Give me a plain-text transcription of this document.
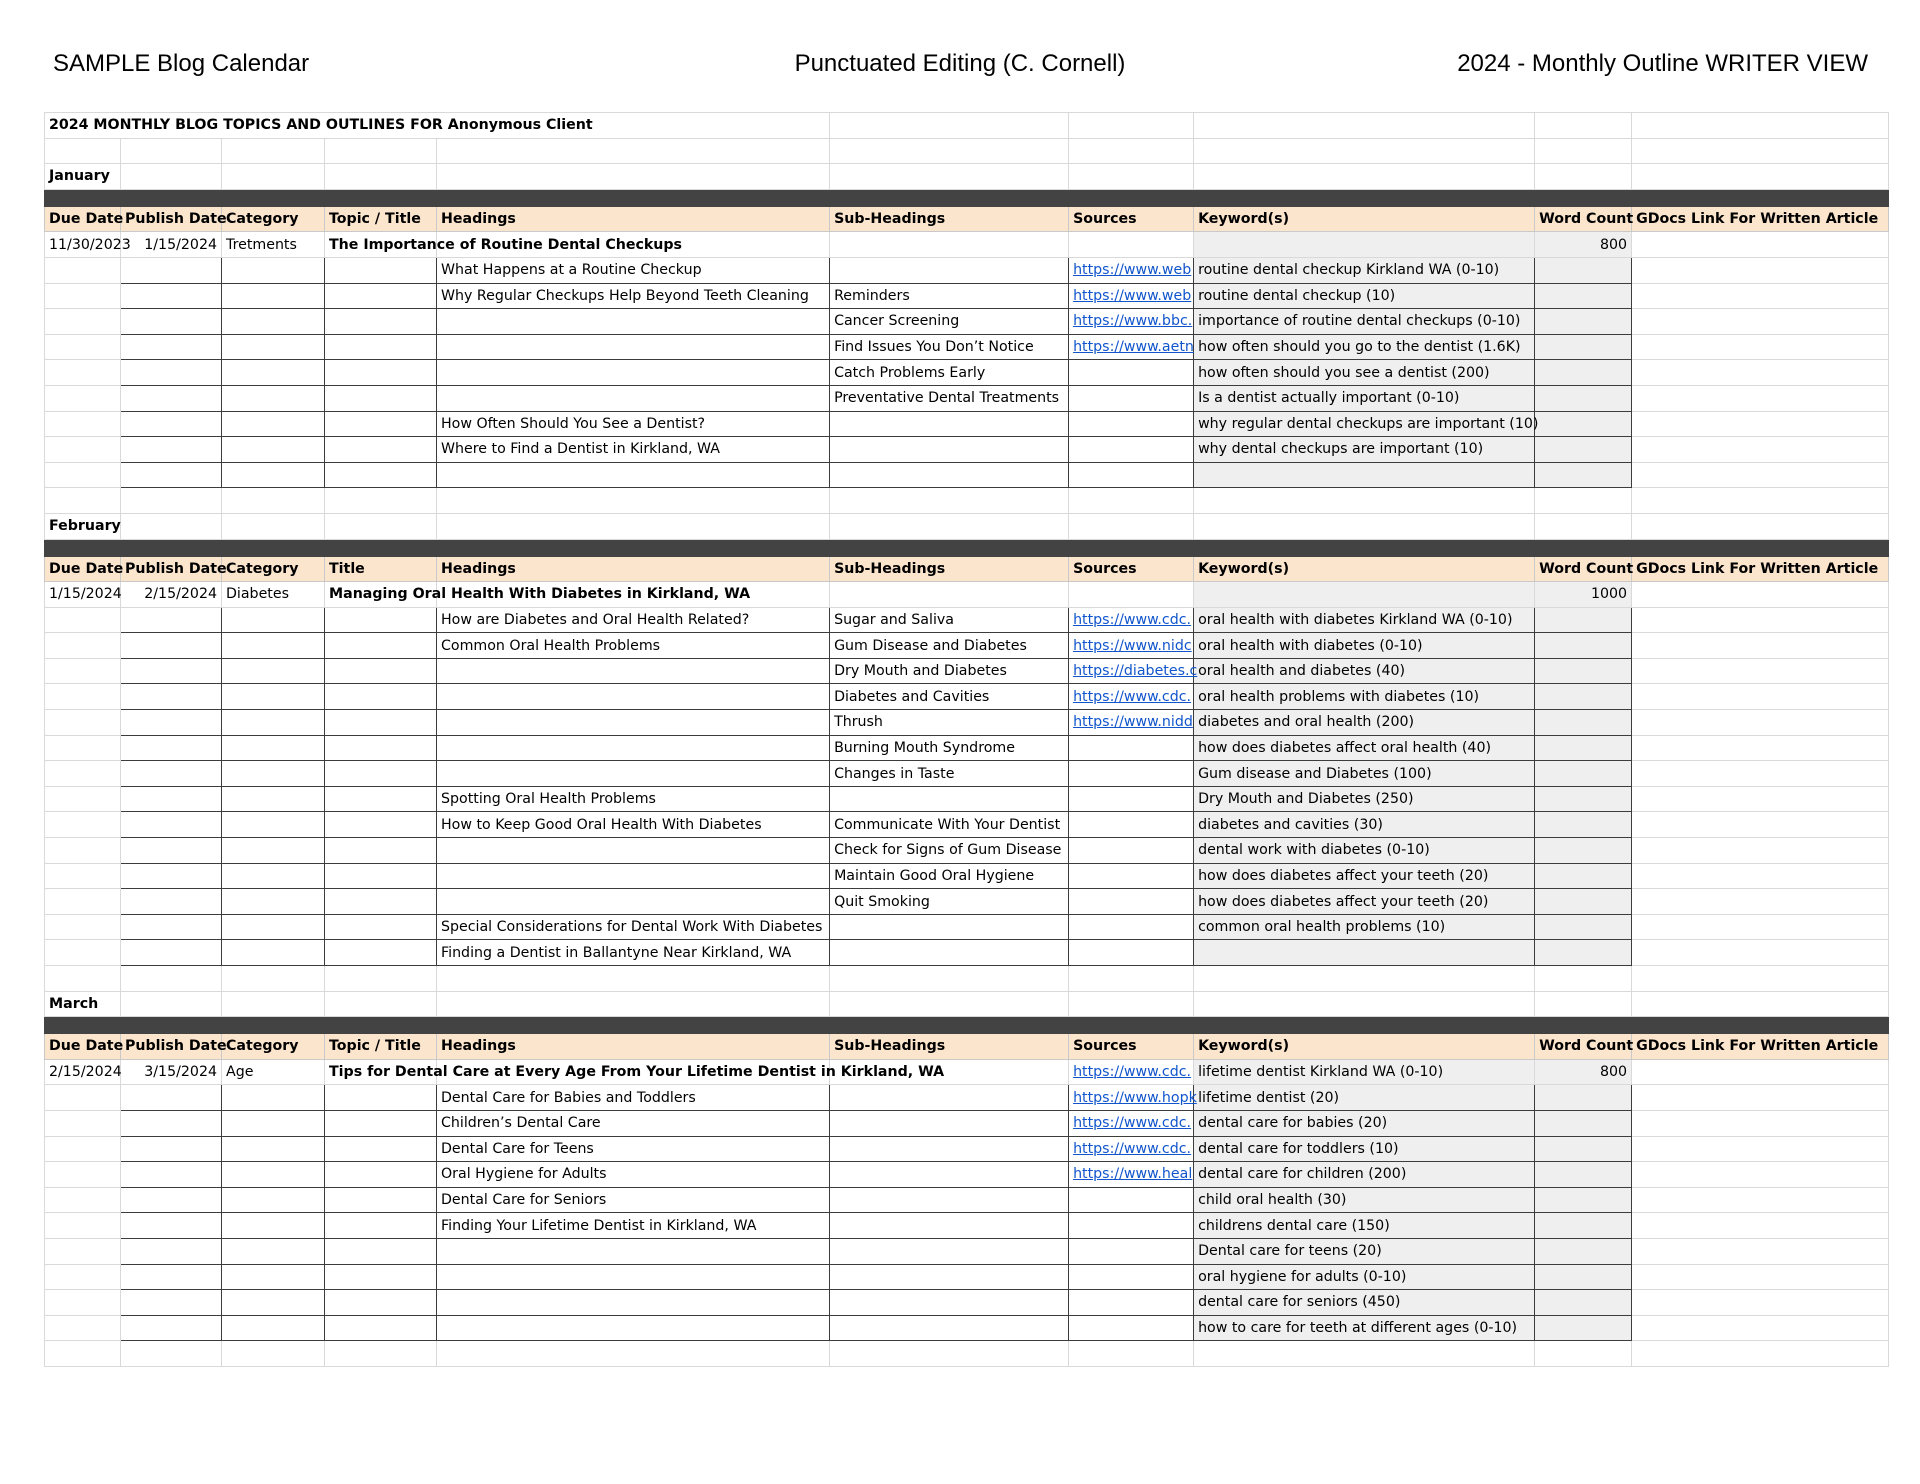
SAMPLE Blog Calendar	Punctuated Editing (C. Cornell)	2024 - Monthly Outline WRITER VIEW
2024 MONTHLY BLOG TOPICS AND OUTLINES FOR Anonymous Client									

January									

Due Date	Publish Date	Category	Topic / Title	Headings	Sub-Headings	Sources	Keyword(s)	Word Count	GDocs Link For Written Article
11/30/2023	1/15/2024	Tretments	The Importance of Routine Dental Checkups					800	
				What Happens at a Routine Checkup		https://www.web	routine dental checkup Kirkland WA (0-10)		
				Why Regular Checkups Help Beyond Teeth Cleaning	Reminders	https://www.web	routine dental checkup (10)		
					Cancer Screening	https://www.bbc.	importance of routine dental checkups (0-10)		
					Find Issues You Don’t Notice	https://www.aetn	how often should you go to the dentist (1.6K)		
					Catch Problems Early		how often should you see a dentist (200)		
					Preventative Dental Treatments		Is a dentist actually important (0-10)		
				How Often Should You See a Dentist?			why regular dental checkups are important (10)		
				Where to Find a Dentist in Kirkland, WA			why dental checkups are important (10)		

February									

Due Date	Publish Date	Category	Title	Headings	Sub-Headings	Sources	Keyword(s)	Word Count	GDocs Link For Written Article
1/15/2024	2/15/2024	Diabetes	Managing Oral Health With Diabetes in Kirkland, WA					1000	
				How are Diabetes and Oral Health Related?	Sugar and Saliva	https://www.cdc.	oral health with diabetes Kirkland WA (0-10)		
				Common Oral Health Problems	Gum Disease and Diabetes	https://www.nidc	oral health with diabetes (0-10)		
					Dry Mouth and Diabetes	https://diabetes.c	oral health and diabetes (40)		
					Diabetes and Cavities	https://www.cdc.	oral health problems with diabetes (10)		
					Thrush	https://www.nidd	diabetes and oral health (200)		
					Burning Mouth Syndrome		how does diabetes affect oral health (40)		
					Changes in Taste		Gum disease and Diabetes (100)		
				Spotting Oral Health Problems			Dry Mouth and Diabetes (250)		
				How to Keep Good Oral Health With Diabetes	Communicate With Your Dentist		diabetes and cavities (30)		
					Check for Signs of Gum Disease		dental work with diabetes (0-10)		
					Maintain Good Oral Hygiene		how does diabetes affect your teeth (20)		
					Quit Smoking		how does diabetes affect your teeth (20)		
				Special Considerations for Dental Work With Diabetes			common oral health problems (10)		
				Finding a Dentist in Ballantyne Near Kirkland, WA					

March									

Due Date	Publish Date	Category	Topic / Title	Headings	Sub-Headings	Sources	Keyword(s)	Word Count	GDocs Link For Written Article
2/15/2024	3/15/2024	Age	Tips for Dental Care at Every Age From Your Lifetime Dentist in Kirkland, WA			https://www.cdc.	lifetime dentist Kirkland WA (0-10)	800	
				Dental Care for Babies and Toddlers		https://www.hopk	lifetime dentist (20)		
				Children’s Dental Care		https://www.cdc.	dental care for babies (20)		
				Dental Care for Teens		https://www.cdc.	dental care for toddlers (10)		
				Oral Hygiene for Adults		https://www.heal	dental care for children (200)		
				Dental Care for Seniors			child oral health (30)		
				Finding Your Lifetime Dentist in Kirkland, WA			childrens dental care (150)		
							Dental care for teens (20)		
							oral hygiene for adults (0-10)		
							dental care for seniors (450)		
							how to care for teeth at different ages (0-10)		
